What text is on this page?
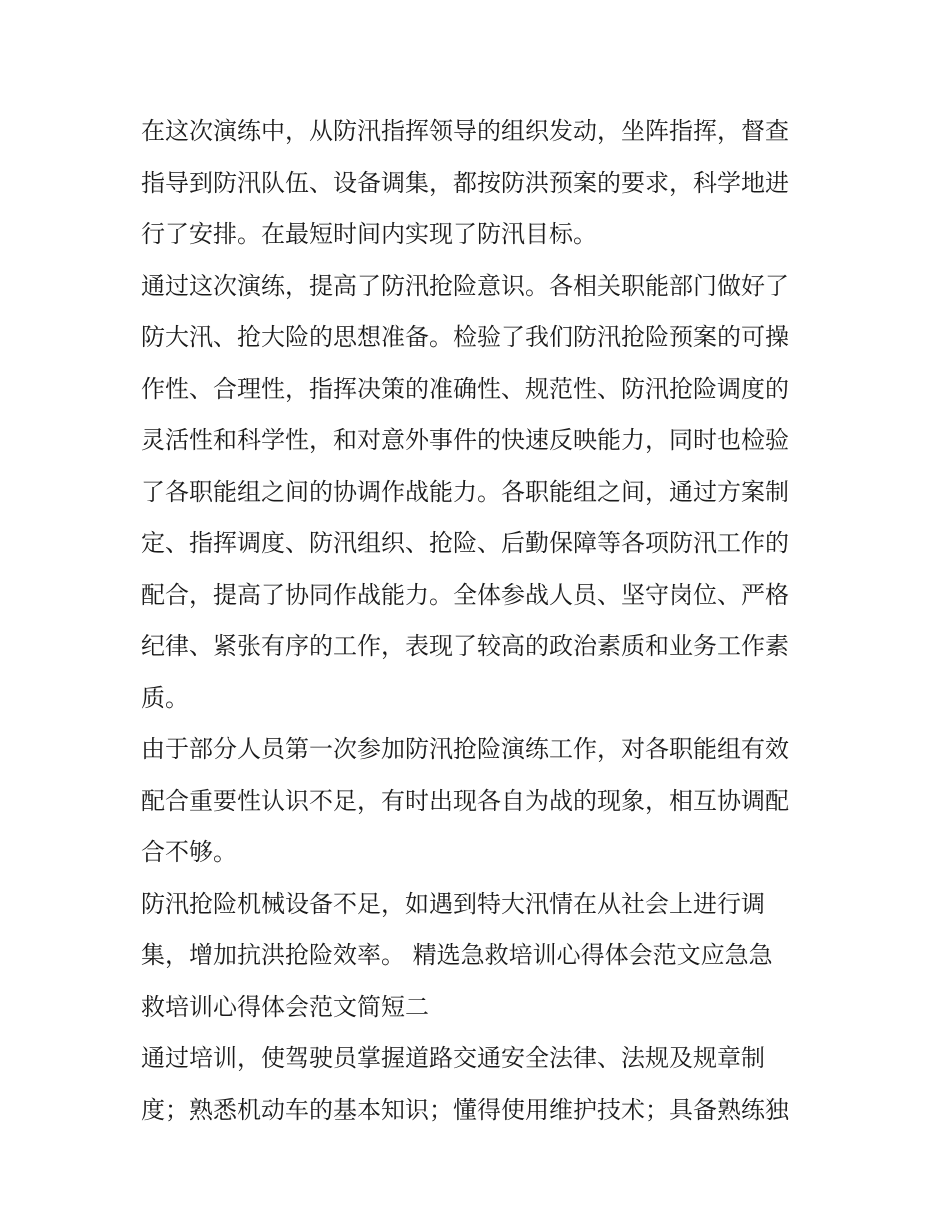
在这次演练中，从防汛指挥领导的组织发动，坐阵指挥，督查
指导到防汛队伍、设备调集，都按防洪预案的要求，科学地进
行了安排。在最短时间内实现了防汛目标。
通过这次演练，提高了防汛抢险意识。各相关职能部门做好了
防大汛、抢大险的思想准备。检验了我们防汛抢险预案的可操
作性、合理性，指挥决策的准确性、规范性、防汛抢险调度的
灵活性和科学性，和对意外事件的快速反映能力，同时也检验
了各职能组之间的协调作战能力。各职能组之间，通过方案制
定、指挥调度、防汛组织、抢险、后勤保障等各项防汛工作的
配合，提高了协同作战能力。全体参战人员、坚守岗位、严格
纪律、紧张有序的工作，表现了较高的政治素质和业务工作素
质。
由于部分人员第一次参加防汛抢险演练工作，对各职能组有效
配合重要性认识不足，有时出现各自为战的现象，相互协调配
合不够。
防汛抢险机械设备不足，如遇到特大汛情在从社会上进行调
集，增加抗洪抢险效率。 精选急救培训心得体会范文应急急
救培训心得体会范文简短二
通过培训，使驾驶员掌握道路交通安全法律、法规及规章制
度；熟悉机动车的基本知识；懂得使用维护技术；具备熟练独
